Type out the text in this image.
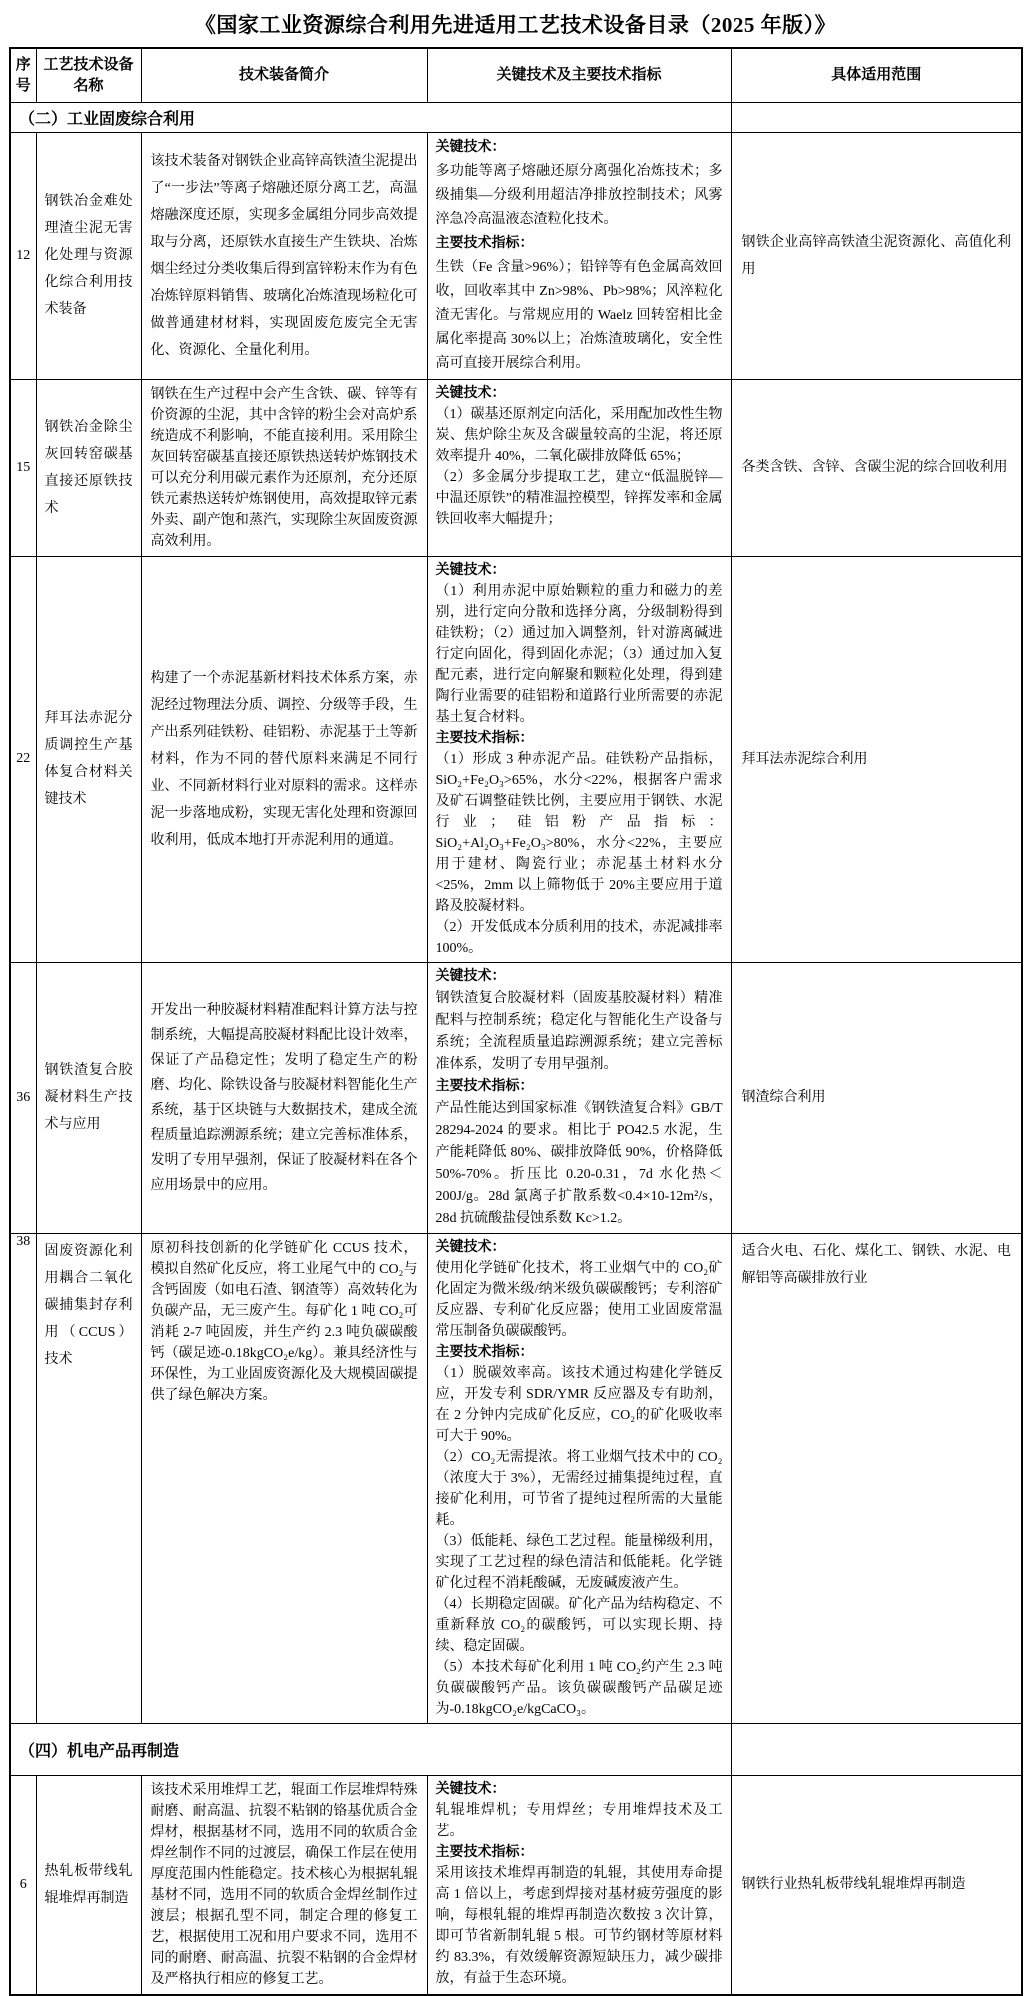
《国家工业资源综合利用先进适用工艺技术设备目录（2025 年版）》
序号	工艺技术设备名称	技术装备简介	关键技术及主要技术指标	具体适用范围
（二）工业固废综合利用				
12	钢铁冶金难处理渣尘泥无害化处理与资源化综合利用技术装备	该技术装备对钢铁企业高锌高铁渣尘泥提出了“一步法”等离子熔融还原分离工艺，高温熔融深度还原，实现多金属组分同步高效提取与分离，还原铁水直接生产生铁块、冶炼烟尘经过分类收集后得到富锌粉末作为有色冶炼锌原料销售、玻璃化冶炼渣现场粒化可做普通建材材料，实现固废危废完全无害化、资源化、全量化利用。	关键技术：

多功能等离子熔融还原分离强化冶炼技术；多级捕集—分级利用超洁净排放控制技术；风雾淬急冷高温液态渣粒化技术。

主要技术指标：

生铁（Fe 含量>96%）；铅锌等有色金属高效回收，回收率其中 Zn>98%、Pb>98%；风淬粒化渣无害化。与常规应用的 Waelz 回转窑相比金属化率提高 30%以上；冶炼渣玻璃化，安全性高可直接开展综合利用。	钢铁企业高锌高铁渣尘泥资源化、高值化利用
15	钢铁冶金除尘灰回转窑碳基直接还原铁技术	钢铁在生产过程中会产生含铁、碳、锌等有价资源的尘泥，其中含锌的粉尘会对高炉系统造成不利影响，不能直接利用。采用除尘灰回转窑碳基直接还原铁热送转炉炼钢技术可以充分利用碳元素作为还原剂，充分还原铁元素热送转炉炼钢使用，高效提取锌元素外卖、副产饱和蒸汽，实现除尘灰固废资源高效利用。	关键技术：

（1）碳基还原剂定向活化，采用配加改性生物炭、焦炉除尘灰及含碳量较高的尘泥，将还原效率提升 40%，二氧化碳排放降低 65%；

（2）多金属分步提取工艺，建立“低温脱锌—中温还原铁”的精准温控模型，锌挥发率和金属铁回收率大幅提升；	各类含铁、含锌、含碳尘泥的综合回收利用
22	拜耳法赤泥分质调控生产基体复合材料关键技术	构建了一个赤泥基新材料技术体系方案，赤泥经过物理法分质、调控、分级等手段，生产出系列硅铁粉、硅铝粉、赤泥基于土等新材料，作为不同的替代原料来满足不同行业、不同新材料行业对原料的需求。这样赤泥一步落地成粉，实现无害化处理和资源回收利用，低成本地打开赤泥利用的通道。	关键技术：

（1）利用赤泥中原始颗粒的重力和磁力的差别，进行定向分散和选择分离，分级制粉得到硅铁粉；（2）通过加入调整剂，针对游离碱进行定向固化，得到固化赤泥；（3）通过加入复配元素，进行定向解聚和颗粒化处理，得到建陶行业需要的硅铝粉和道路行业所需要的赤泥基土复合材料。

主要技术指标：

（1）形成 3 种赤泥产品。硅铁粉产品指标，SiO₂+Fe₂O₃>65%，水分<22%，根据客户需求及矿石调整硅铁比例，主要应用于钢铁、水泥行业；硅铝粉产品指标：SiO₂+Al₂O₃+Fe₂O₃>80%，水分<22%，主要应用于建材、陶瓷行业；赤泥基土材料水分<25%，2mm 以上筛物低于 20%主要应用于道路及胶凝材料。

（2）开发低成本分质利用的技术，赤泥减排率 100%。	拜耳法赤泥综合利用
36	钢铁渣复合胶凝材料生产技术与应用	开发出一种胶凝材料精准配料计算方法与控制系统，大幅提高胶凝材料配比设计效率，保证了产品稳定性；发明了稳定生产的粉磨、均化、除铁设备与胶凝材料智能化生产系统，基于区块链与大数据技术，建成全流程质量追踪溯源系统；建立完善标准体系，发明了专用早强剂，保证了胶凝材料在各个应用场景中的应用。	关键技术：

钢铁渣复合胶凝材料（固废基胶凝材料）精准配料与控制系统；稳定化与智能化生产设备与系统；全流程质量追踪溯源系统；建立完善标准体系，发明了专用早强剂。

主要技术指标：

产品性能达到国家标准《钢铁渣复合料》GB/T 28294-2024 的要求。相比于 PO42.5 水泥，生产能耗降低 80%、碳排放降低 90%，价格降低 50%-70%。折压比 0.20-0.31，7d 水化热＜200J/g。28d 氯离子扩散系数<0.4×10-12m²/s，28d 抗硫酸盐侵蚀系数 Kc>1.2。	钢渣综合利用
38	固废资源化利用耦合二氧化碳捕集封存利用（CCUS）技术	原初科技创新的化学链矿化 CCUS 技术，模拟自然矿化反应，将工业尾气中的 CO₂与含钙固废（如电石渣、钢渣等）高效转化为负碳产品，无三废产生。每矿化 1 吨 CO₂可消耗 2-7 吨固废，并生产约 2.3 吨负碳碳酸钙（碳足迹-0.18kgCO₂e/kg）。兼具经济性与环保性，为工业固废资源化及大规模固碳提供了绿色解决方案。	

关键技术：

使用化学链矿化技术，将工业烟气中的 CO₂矿化固定为微米级/纳米级负碳碳酸钙；专利溶矿反应器、专利矿化反应器；使用工业固废常温常压制备负碳碳酸钙。

主要技术指标：

（1）脱碳效率高。该技术通过构建化学链反应，开发专利 SDR/YMR 反应器及专有助剂，在 2 分钟内完成矿化反应，CO₂的矿化吸收率可大于 90%。

（2）CO₂无需提浓。将工业烟气技术中的 CO₂（浓度大于 3%），无需经过捕集提纯过程，直接矿化利用，可节省了提纯过程所需的大量能耗。

（3）低能耗、绿色工艺过程。能量梯级利用，实现了工艺过程的绿色清洁和低能耗。化学链矿化过程不消耗酸碱，无废碱废液产生。

（4）长期稳定固碳。矿化产品为结构稳定、不重新释放 CO₂的碳酸钙，可以实现长期、持续、稳定固碳。

（5）本技术每矿化利用 1 吨 CO₂约产生 2.3 吨负碳碳酸钙产品。该负碳碳酸钙产品碳足迹为-0.18kgCO₂e/kgCaCO₃。

	适合火电、石化、煤化工、钢铁、水泥、电解铝等高碳排放行业
（四）机电产品再制造				
6	热轧板带线轧辊堆焊再制造	该技术采用堆焊工艺，辊面工作层堆焊特殊耐磨、耐高温、抗裂不粘钢的铬基优质合金焊材，根据基材不同，选用不同的软质合金焊丝制作不同的过渡层，确保工作层在使用厚度范围内性能稳定。技术核心为根据轧辊基材不同，选用不同的软质合金焊丝制作过渡层；根据孔型不同，制定合理的修复工艺，根据使用工况和用户要求不同，选用不同的耐磨、耐高温、抗裂不粘钢的合金焊材及严格执行相应的修复工艺。	关键技术：

轧辊堆焊机；专用焊丝；专用堆焊技术及工艺。

主要技术指标：

采用该技术堆焊再制造的轧辊，其使用寿命提高 1 倍以上，考虑到焊接对基材疲劳强度的影响，每根轧辊的堆焊再制造次数按 3 次计算，即可节省新制轧辊 5 根。可节约钢材等原材料约 83.3%，有效缓解资源短缺压力，减少碳排放，有益于生态环境。	钢铁行业热轧板带线轧辊堆焊再制造
